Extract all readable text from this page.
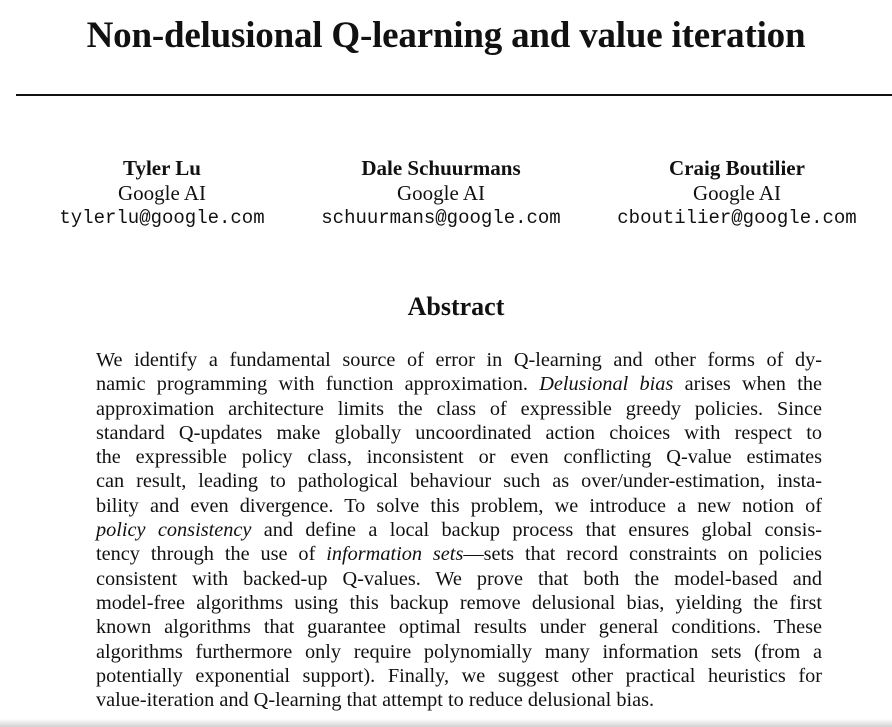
Non-delusional Q-learning and value iteration
Tyler Lu
Google AI
tylerlu@google.com
Dale Schuurmans
Google AI
schuurmans@google.com
Craig Boutilier
Google AI
cboutilier@google.com
Abstract
We identify a fundamental source of error in Q-learning and other forms of dy-
namic programming with function approximation. Delusional bias arises when the
approximation architecture limits the class of expressible greedy policies. Since
standard Q-updates make globally uncoordinated action choices with respect to
the expressible policy class, inconsistent or even conflicting Q-value estimates
can result, leading to pathological behaviour such as over/under-estimation, insta-
bility and even divergence. To solve this problem, we introduce a new notion of
policy consistency and define a local backup process that ensures global consis-
tency through the use of information sets—sets that record constraints on policies
consistent with backed-up Q-values. We prove that both the model-based and
model-free algorithms using this backup remove delusional bias, yielding the first
known algorithms that guarantee optimal results under general conditions. These
algorithms furthermore only require polynomially many information sets (from a
potentially exponential support). Finally, we suggest other practical heuristics for
value-iteration and Q-learning that attempt to reduce delusional bias.
